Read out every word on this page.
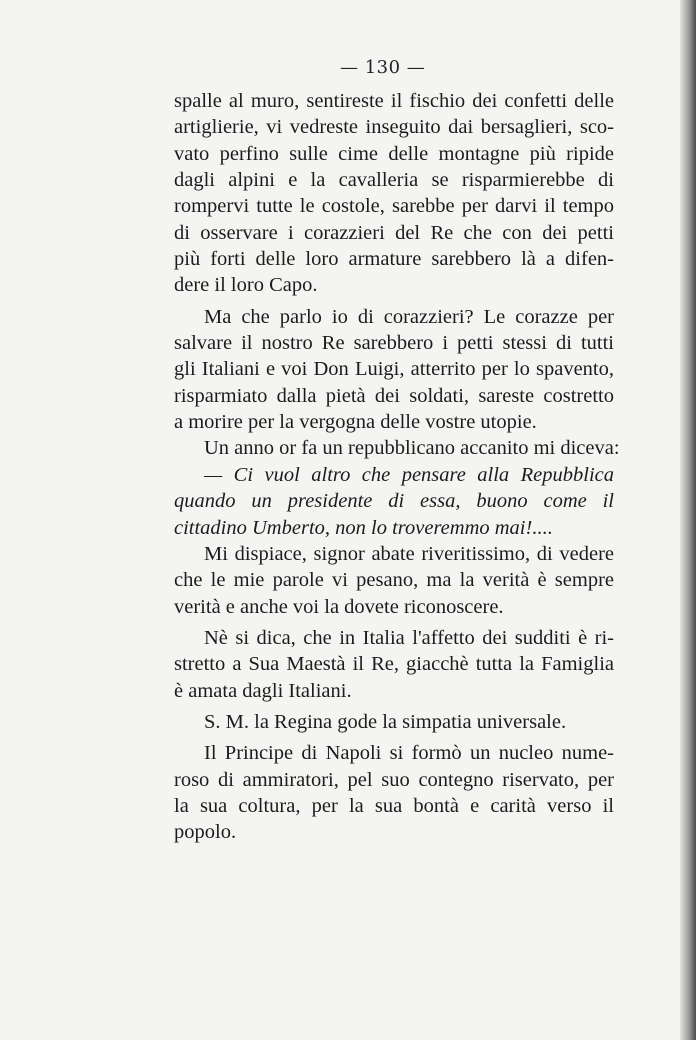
— 130 —
spalle al muro, sentireste il fischio dei confetti delle
artiglierie, vi vedreste inseguito dai bersaglieri, sco-
vato perfino sulle cime delle montagne più ripide
dagli alpini e la cavalleria se risparmierebbe di
rompervi tutte le costole, sarebbe per darvi il tempo
di osservare i corazzieri del Re che con dei petti
più forti delle loro armature sarebbero là a difen-
dere il loro Capo.
Ma che parlo io di corazzieri? Le corazze per
salvare il nostro Re sarebbero i petti stessi di tutti
gli Italiani e voi Don Luigi, atterrito per lo spavento,
risparmiato dalla pietà dei soldati, sareste costretto
a morire per la vergogna delle vostre utopie.
Un anno or fa un repubblicano accanito mi diceva:
— Ci vuol altro che pensare alla Repubblica
quando un presidente di essa, buono come il
cittadino Umberto, non lo troveremmo mai!....
Mi dispiace, signor abate riveritissimo, di vedere
che le mie parole vi pesano, ma la verità è sempre
verità e anche voi la dovete riconoscere.
Nè si dica, che in Italia l'affetto dei sudditi è ri-
stretto a Sua Maestà il Re, giacchè tutta la Famiglia
è amata dagli Italiani.
S. M. la Regina gode la simpatia universale.
Il Principe di Napoli si formò un nucleo nume-
roso di ammiratori, pel suo contegno riservato, per
la sua coltura, per la sua bontà e carità verso il
popolo.
